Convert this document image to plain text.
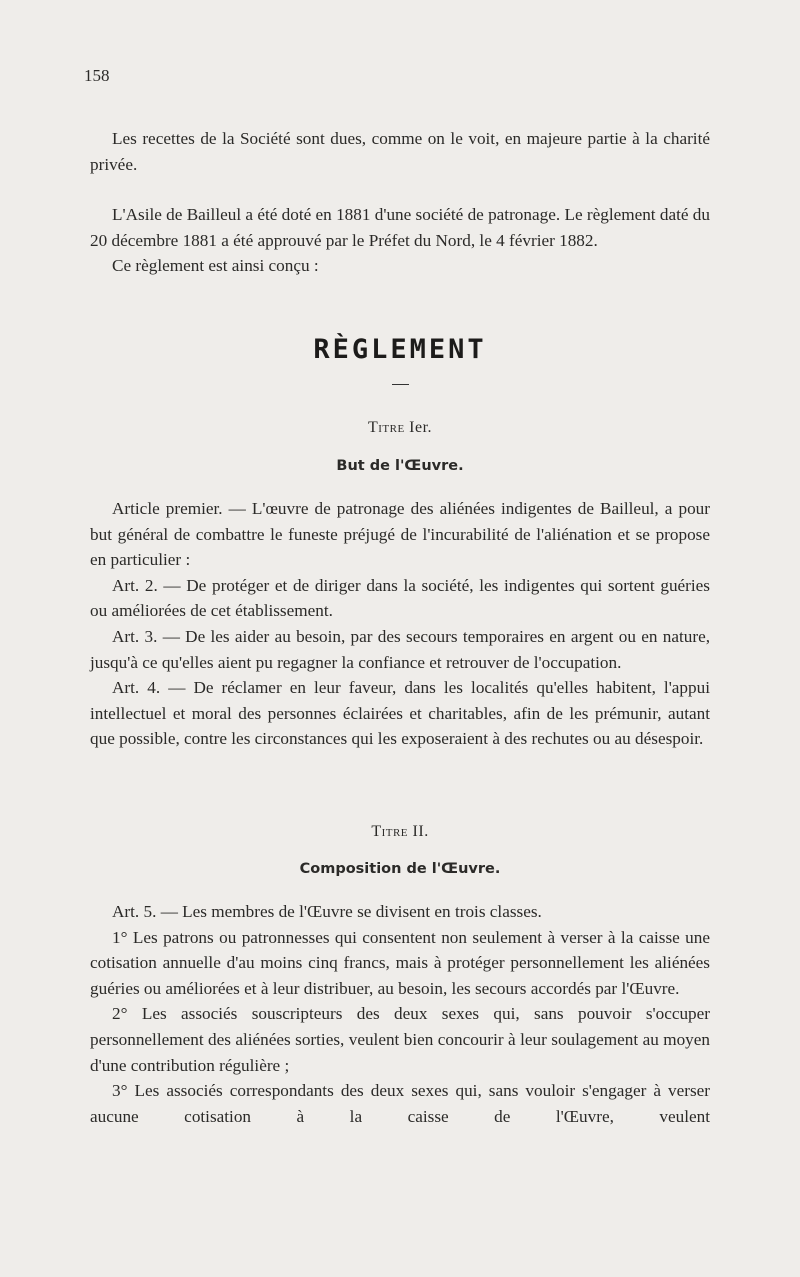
158

Les recettes de la Société sont dues, comme on le voit, en majeure partie à la charité privée.

L'Asile de Bailleul a été doté en 1881 d'une société de patronage. Le règlement daté du 20 décembre 1881 a été approuvé par le Préfet du Nord, le 4 février 1882.

Ce règlement est ainsi conçu :

RÈGLEMENT
Titre Ier.
But de l'Œuvre.

Article premier. — L'œuvre de patronage des aliénées indigentes de Bailleul, a pour but général de combattre le funeste préjugé de l'incurabilité de l'aliénation et se propose en particulier :

Art. 2. — De protéger et de diriger dans la société, les indigentes qui sortent guéries ou améliorées de cet établissement.

Art. 3. — De les aider au besoin, par des secours temporaires en argent ou en nature, jusqu'à ce qu'elles aient pu regagner la confiance et retrouver de l'occupation.

Art. 4. — De réclamer en leur faveur, dans les localités qu'elles habitent, l'appui intellectuel et moral des personnes éclairées et charitables, afin de les prémunir, autant que possible, contre les circonstances qui les exposeraient à des rechutes ou au désespoir.

Titre II.
Composition de l'Œuvre.

Art. 5. — Les membres de l'Œuvre se divisent en trois classes.

1° Les patrons ou patronnesses qui consentent non seulement à verser à la caisse une cotisation annuelle d'au moins cinq francs, mais à protéger personnellement les aliénées guéries ou améliorées et à leur distribuer, au besoin, les secours accordés par l'Œuvre.

2° Les associés souscripteurs des deux sexes qui, sans pouvoir s'occuper personnellement des aliénées sorties, veulent bien concourir à leur soulagement au moyen d'une contribution régulière ;

3° Les associés correspondants des deux sexes qui, sans vouloir s'engager à verser aucune cotisation à la caisse de l'Œuvre, veulent
